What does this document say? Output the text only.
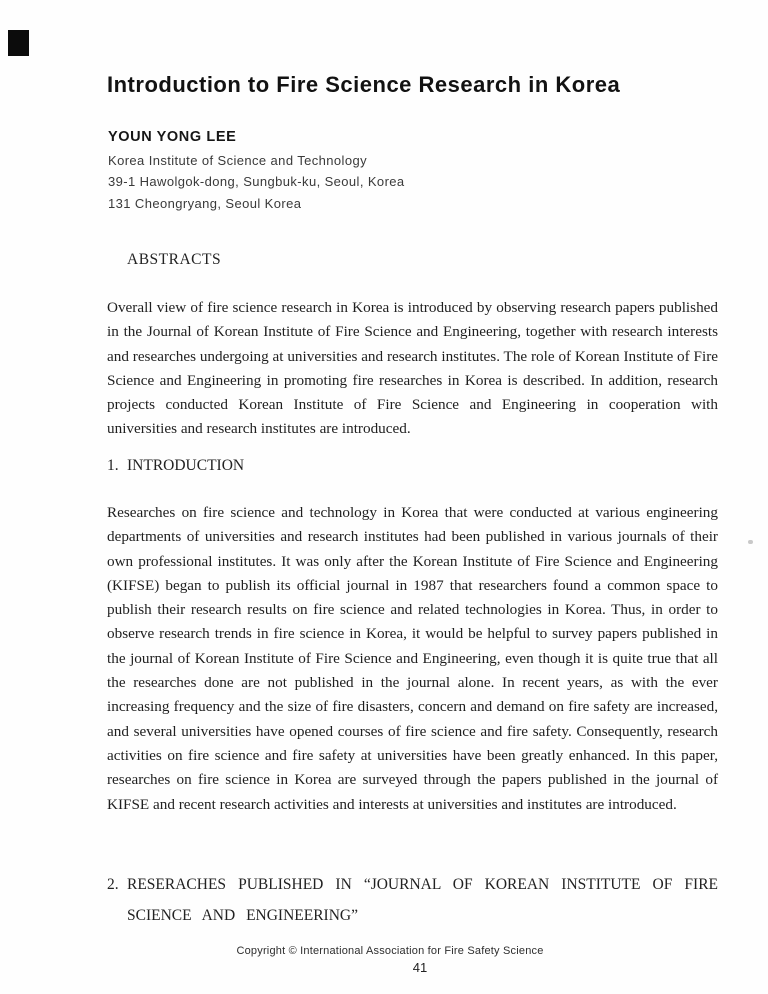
Introduction to Fire Science Research in Korea
YOUN YONG LEE
Korea Institute of Science and Technology
39-1 Hawolgok-dong, Sungbuk-ku, Seoul, Korea
131 Cheongryang, Seoul Korea
ABSTRACTS

Overall view of fire science research in Korea is introduced by observing research papers published in the Journal of Korean Institute of Fire Science and Engineering, together with research interests and researches undergoing at universities and research institutes. The role of Korean Institute of Fire Science and Engineering in promoting fire researches in Korea is described. In addition, research projects conducted Korean Institute of Fire Science and Engineering in cooperation with universities and research institutes are introduced.

1. INTRODUCTION

Researches on fire science and technology in Korea that were conducted at various engineering departments of universities and research institutes had been published in various journals of their own professional institutes. It was only after the Korean Institute of Fire Science and Engineering (KIFSE) began to publish its official journal in 1987 that researchers found a common space to publish their research results on fire science and related technologies in Korea. Thus, in order to observe research trends in fire science in Korea, it would be helpful to survey papers published in the journal of Korean Institute of Fire Science and Engineering, even though it is quite true that all the researches done are not published in the journal alone. In recent years, as with the ever increasing frequency and the size of fire disasters, concern and demand on fire safety are increased, and several universities have opened courses of fire science and fire safety. Consequently, research activities on fire science and fire safety at universities have been greatly enhanced. In this paper, researches on fire science in Korea are surveyed through the papers published in the journal of KIFSE and recent research activities and interests at universities and institutes are introduced.

2. RESERACHES PUBLISHED IN “JOURNAL OF KOREAN INSTITUTE OF FIRE SCIENCE AND ENGINEERING”
Copyright © International Association for Fire Safety Science
41
